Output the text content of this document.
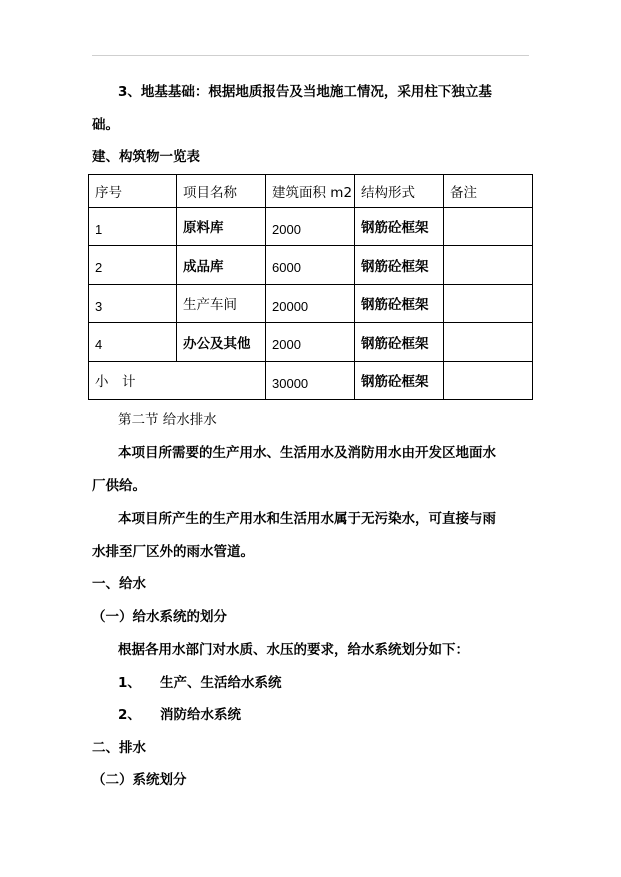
3、地基基础：根据地质报告及当地施工情况，采用柱下独立基
础。
建、构筑物一览表
序号	项目名称	建筑面积 m2	结构形式	备注
1	原料库	2000	钢筋砼框架	
2	成品库	6000	钢筋砼框架	
3	生产车间	20000	钢筋砼框架	
4	办公及其他	2000	钢筋砼框架	
小　计		30000	钢筋砼框架	
第二节 给水排水
本项目所需要的生产用水、生活用水及消防用水由开发区地面水
厂供给。
本项目所产生的生产用水和生活用水属于无污染水，可直接与雨
水排至厂区外的雨水管道。
一、给水
（一）给水系统的划分
根据各用水部门对水质、水压的要求，给水系统划分如下：
1、 生产、生活给水系统
2、 消防给水系统
二、排水
（二）系统划分
